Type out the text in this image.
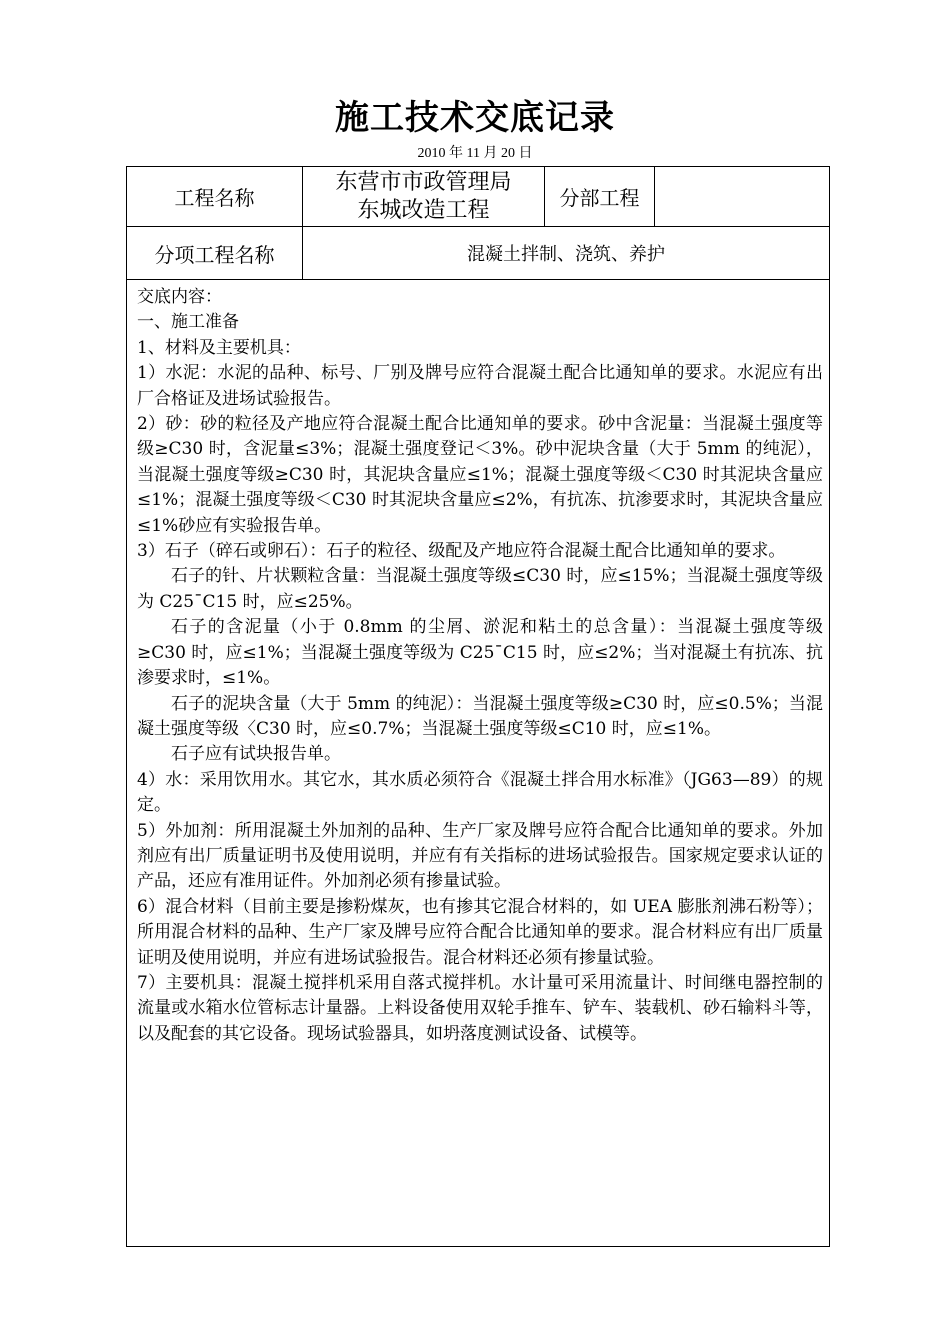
施工技术交底记录
2010 年 11 月 20 日
工程名称
东营市市政管理局
东城改造工程	分部工程
分项工程名称	混凝土拌制、浇筑、养护

交底内容：

一、施工准备

1、材料及主要机具：

1）水泥：水泥的品种、标号、厂别及牌号应符合混凝土配合比通知单的要求。水泥应有出厂合格证及进场试验报告。

2）砂：砂的粒径及产地应符合混凝土配合比通知单的要求。砂中含泥量：当混凝土强度等级≥C30 时，含泥量≤3%；混凝土强度登记＜3%。砂中泥块含量（大于 5mm 的纯泥），当混凝土强度等级≥C30 时，其泥块含量应≤1%；混凝土强度等级＜C30 时其泥块含量应≤1%；混凝土强度等级＜C30 时其泥块含量应≤2%，有抗冻、抗渗要求时，其泥块含量应≤1%砂应有实验报告单。

3）石子（碎石或卵石）：石子的粒径、级配及产地应符合混凝土配合比通知单的要求。

石子的针、片状颗粒含量：当混凝土强度等级≤C30 时，应≤15%；当混凝土强度等级为 C25¯C15 时，应≤25%。

石子的含泥量（小于 0.8mm 的尘屑、淤泥和粘土的总含量）：当混凝土强度等级≥C30 时，应≤1%；当混凝土强度等级为 C25¯C15 时，应≤2%；当对混凝土有抗冻、抗渗要求时，≤1%。

石子的泥块含量（大于 5mm 的纯泥）：当混凝土强度等级≥C30 时，应≤0.5%；当混凝土强度等级〈C30 时，应≤0.7%；当混凝土强度等级≤C10 时，应≤1%。

石子应有试块报告单。

4）水：采用饮用水。其它水，其水质必须符合《混凝土拌合用水标准》（JG63—89）的规定。

5）外加剂：所用混凝土外加剂的品种、生产厂家及牌号应符合配合比通知单的要求。外加剂应有出厂质量证明书及使用说明，并应有有关指标的进场试验报告。国家规定要求认证的产品，还应有准用证件。外加剂必须有掺量试验。

6）混合材料（目前主要是掺粉煤灰，也有掺其它混合材料的，如 UEA 膨胀剂沸石粉等）；所用混合材料的品种、生产厂家及牌号应符合配合比通知单的要求。混合材料应有出厂质量证明及使用说明，并应有进场试验报告。混合材料还必须有掺量试验。

7）主要机具：混凝土搅拌机采用自落式搅拌机。水计量可采用流量计、时间继电器控制的流量或水箱水位管标志计量器。上料设备使用双轮手推车、铲车、装载机、砂石输料斗等，以及配套的其它设备。现场试验器具，如坍落度测试设备、试模等。
